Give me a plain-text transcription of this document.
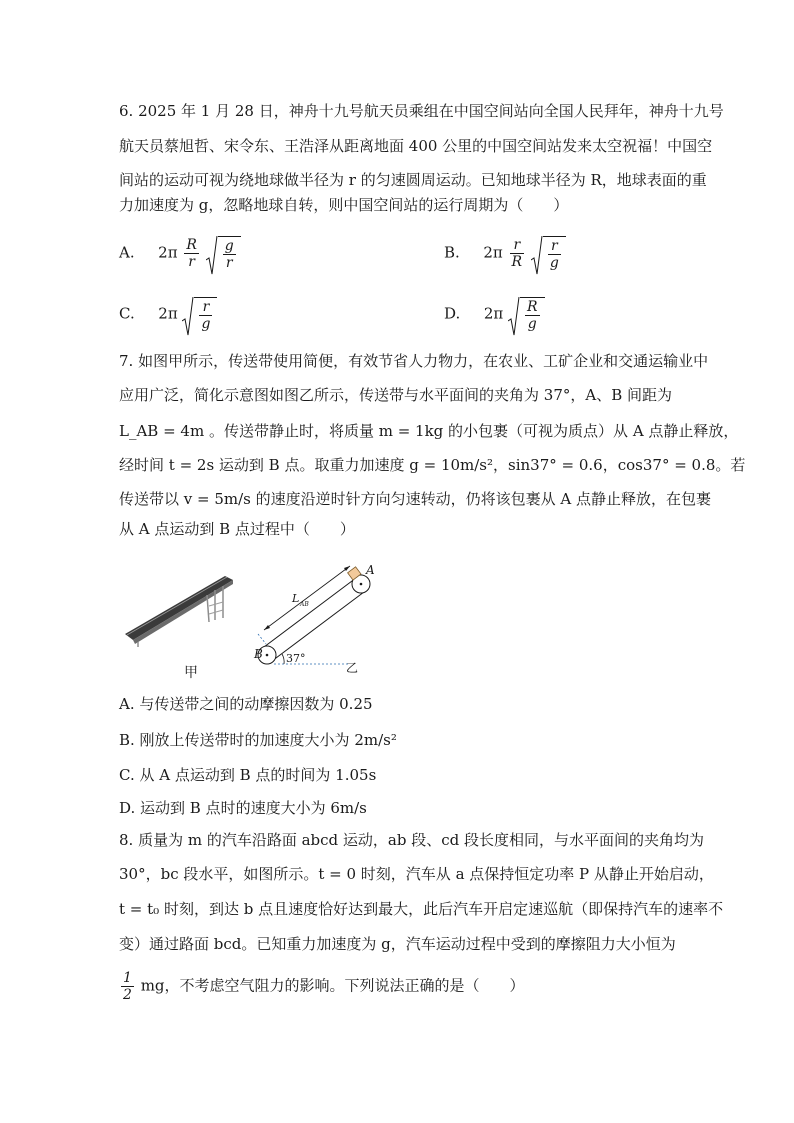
6. 2025 年 1 月 28 日，神舟十九号航天员乘组在中国空间站向全国人民拜年，神舟十九号
航天员蔡旭哲、宋令东、王浩泽从距离地面 400 公里的中国空间站发来太空祝福！中国空
间站的运动可视为绕地球做半径为 r 的匀速圆周运动。已知地球半径为 R，地球表面的重
力加速度为 g，忽略地球自转，则中国空间站的运行周期为（　　）
A. $2\pi \frac{R}{r}$
$\frac{g}{r}$	B. $2\pi \frac{r}{R}$
$\frac{r}{g}$
C. $2\pi \frac{r}{g}$	D. $2\pi \frac{R}{g}$
7. 如图甲所示，传送带使用简便，有效节省人力物力，在农业、工矿企业和交通运输业中
应用广泛，简化示意图如图乙所示，传送带与水平面间的夹角为 37°，A、B 间距为
L_AB = 4m 。传送带静止时，将质量 m = 1kg 的小包裹（可视为质点）从 A 点静止释放，
经时间 t = 2s 运动到 B 点。取重力加速度 g = 10m/s²，sin37° = 0.6，cos37° = 0.8。若
传送带以 v = 5m/s 的速度沿逆时针方向匀速转动，仍将该包裹从 A 点静止释放，在包裹
从 A 点运动到 B 点过程中（　　）
甲
A
B
L AB
37°
乙
A. 与传送带之间的动摩擦因数为 0.25
B. 刚放上传送带时的加速度大小为 2m/s²
C. 从 A 点运动到 B 点的时间为 1.05s
D. 运动到 B 点时的速度大小为 6m/s
8. 质量为 m 的汽车沿路面 abcd 运动，ab 段、cd 段长度相同，与水平面间的夹角均为
30°，bc 段水平，如图所示。t = 0 时刻，汽车从 a 点保持恒定功率 P 从静止开始启动，
t = t₀ 时刻，到达 b 点且速度恰好达到最大，此后汽车开启定速巡航（即保持汽车的速率不
变）通过路面 bcd。已知重力加速度为 g，汽车运动过程中受到的摩擦阻力大小恒为
$\frac{1}{2}$ mg，不考虑空气阻力的影响。下列说法正确的是（　　）
